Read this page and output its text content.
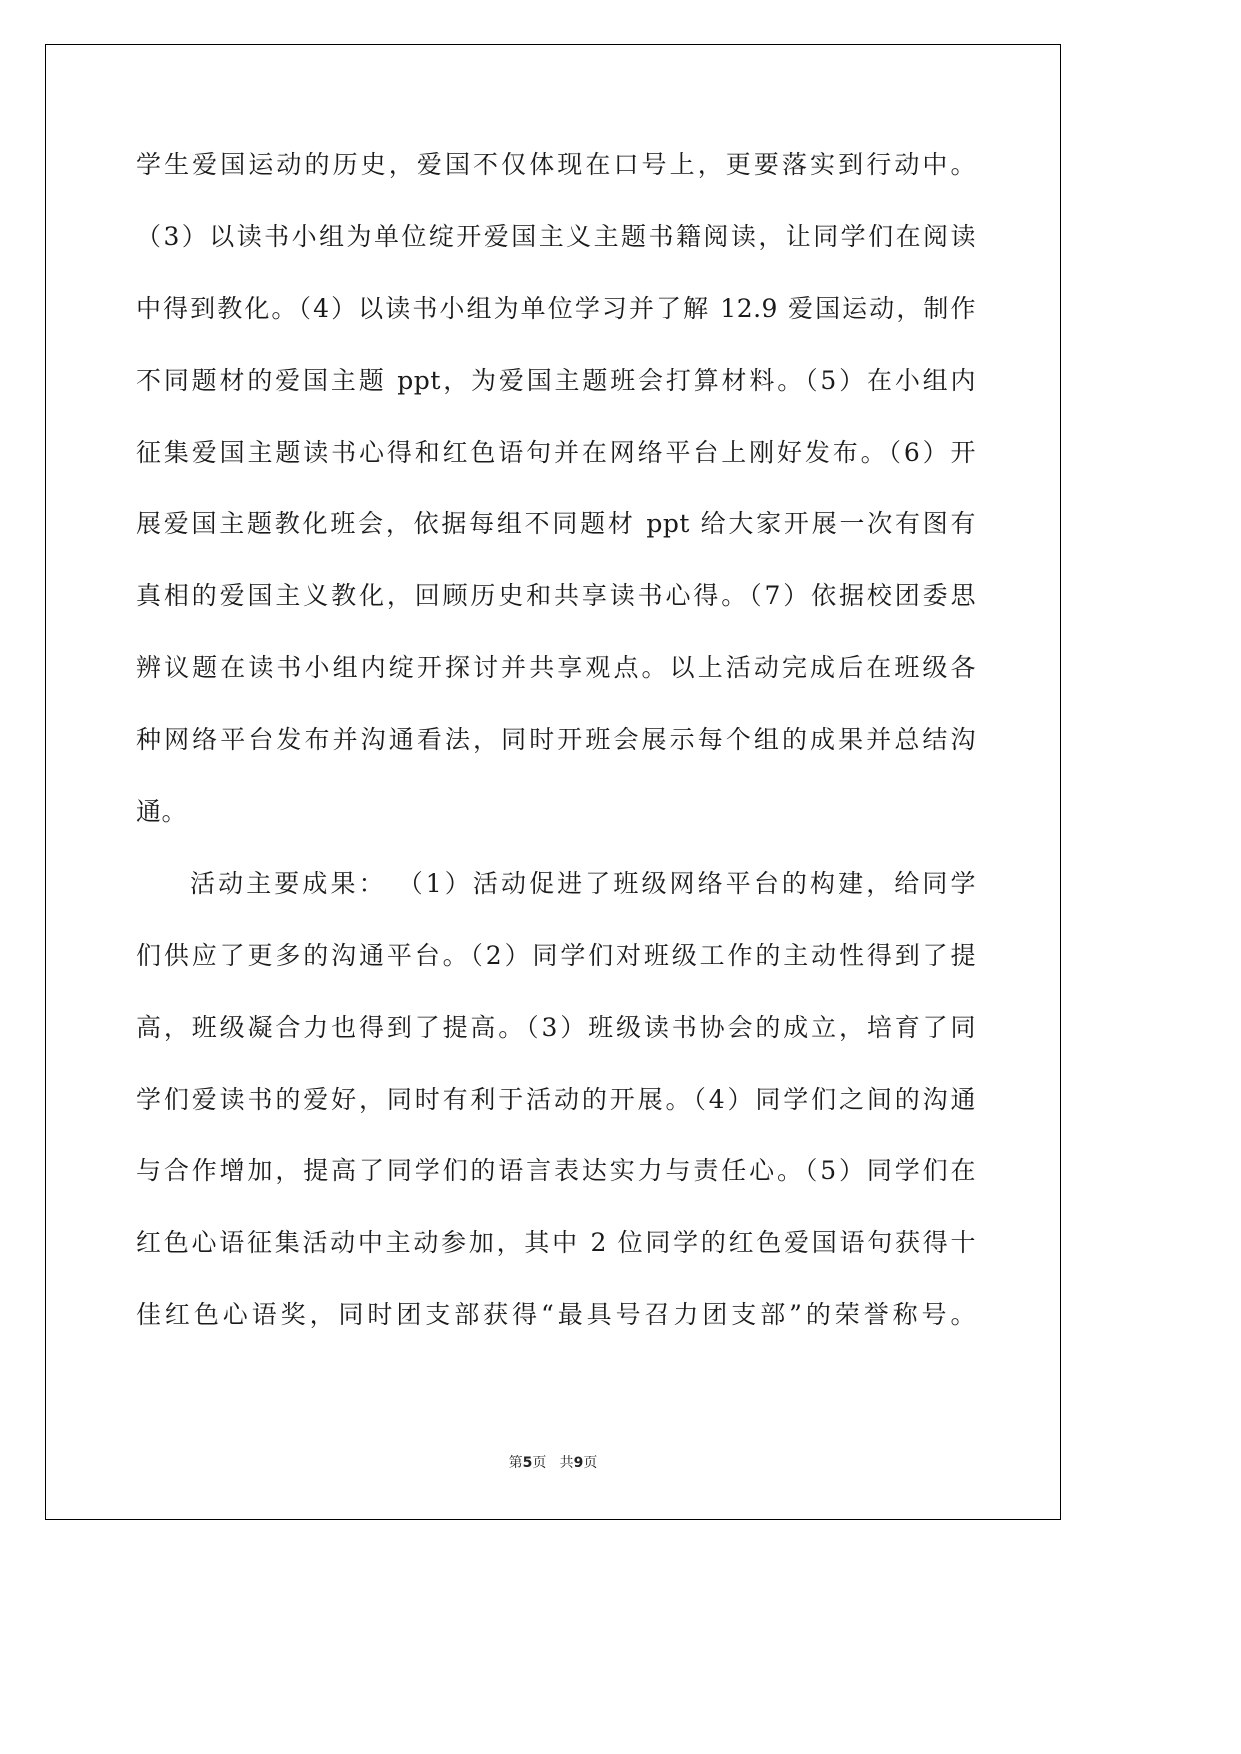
学生爱国运动的历史，爱国不仅体现在口号上，更要落实到行动中。
（3）以读书小组为单位绽开爱国主义主题书籍阅读，让同学们在阅读
中得到教化。（4）以读书小组为单位学习并了解 12.9 爱国运动，制作
不同题材的爱国主题 ppt，为爱国主题班会打算材料。（5）在小组内
征集爱国主题读书心得和红色语句并在网络平台上刚好发布。（6）开
展爱国主题教化班会，依据每组不同题材 ppt 给大家开展一次有图有
真相的爱国主义教化，回顾历史和共享读书心得。（7）依据校团委思
辨议题在读书小组内绽开探讨并共享观点。以上活动完成后在班级各
种网络平台发布并沟通看法，同时开班会展示每个组的成果并总结沟
通。
活动主要成果： （1）活动促进了班级网络平台的构建，给同学
们供应了更多的沟通平台。（2）同学们对班级工作的主动性得到了提
高，班级凝合力也得到了提高。（3）班级读书协会的成立，培育了同
学们爱读书的爱好，同时有利于活动的开展。（4）同学们之间的沟通
与合作增加，提高了同学们的语言表达实力与责任心。（5）同学们在
红色心语征集活动中主动参加，其中 2 位同学的红色爱国语句获得十
佳红色心语奖，同时团支部获得“最具号召力团支部”的荣誉称号。
第5页 共9页
